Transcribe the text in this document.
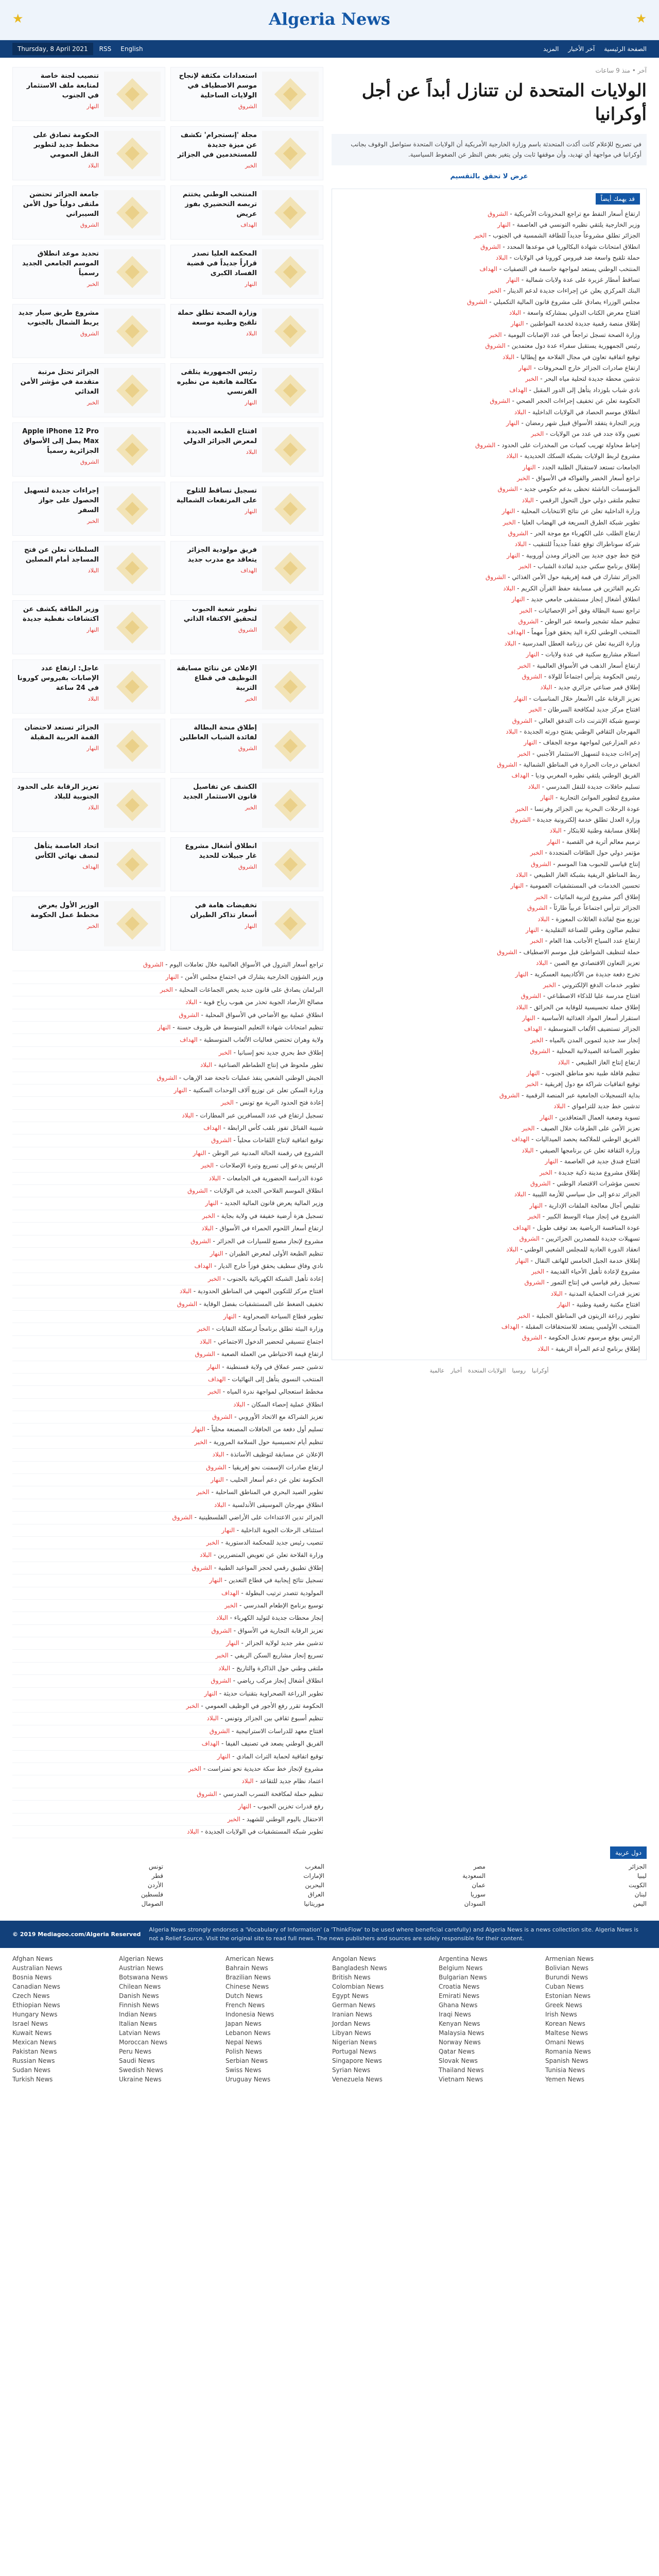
★	Algeria News	★
Thursday, 8 April 2021	RSS	English	الصفحة الرئيسية
آخر الأخبار
المزيد
آخر • منذ 9 ساعات
الولايات المتحدة لن تتنازل أبداً عن أجل أوكرانيا
في تصريح للإعلام كانت أكدت المتحدثة باسم وزارة الخارجية الأمريكية أن الولايات المتحدة ستواصل الوقوف بجانب أوكرانيا في مواجهة أي تهديد، وأن موقفها ثابت ولن يتغير بغض النظر عن الضغوط السياسية.
عرض لا تحقق بالتقسيم
قد يهمك أيضاً
ارتفاع أسعار النفط مع تراجع المخزونات الأمريكية - الشروق
وزير الخارجية يلتقي نظيره التونسي في العاصمة - النهار
الجزائر تطلق مشروعاً جديداً للطاقة الشمسية في الجنوب - الخبر
انطلاق امتحانات شهادة البكالوريا في موعدها المحدد - الشروق
حملة تلقيح واسعة ضد فيروس كورونا في الولايات - البلاد
المنتخب الوطني يستعد لمواجهة حاسمة في التصفيات - الهداف
تساقط أمطار غزيرة على عدة ولايات شمالية - النهار
البنك المركزي يعلن عن إجراءات جديدة لدعم الدينار - الخبر
مجلس الوزراء يصادق على مشروع قانون المالية التكميلي - الشروق
افتتاح معرض الكتاب الدولي بمشاركة واسعة - البلاد
إطلاق منصة رقمية جديدة لخدمة المواطنين - النهار
وزارة الصحة تسجل تراجعاً في عدد الإصابات اليومية - الخبر
رئيس الجمهورية يستقبل سفراء عدة دول معتمدين - الشروق
توقيع اتفاقية تعاون في مجال الفلاحة مع إيطاليا - البلاد
ارتفاع صادرات الجزائر خارج المحروقات - النهار
تدشين محطة جديدة لتحلية مياه البحر - الخبر
نادي شباب بلوزداد يتأهل إلى الدور المقبل - الهداف
الحكومة تعلن عن تخفيف إجراءات الحجر الصحي - الشروق
انطلاق موسم الحصاد في الولايات الداخلية - البلاد
وزير التجارة يتفقد الأسواق قبيل شهر رمضان - النهار
تعيين ولاة جدد في عدد من الولايات - الخبر
إحباط محاولة تهريب كميات من المخدرات على الحدود - الشروق
مشروع لربط الولايات بشبكة السكك الحديدية - البلاد
الجامعات تستعد لاستقبال الطلبة الجدد - النهار
تراجع أسعار الخضر والفواكه في الأسواق - الخبر
المؤسسات الناشئة تحظى بدعم حكومي جديد - الشروق
تنظيم ملتقى دولي حول التحول الرقمي - البلاد
وزارة الداخلية تعلن عن نتائج الانتخابات المحلية - النهار
تطوير شبكة الطرق السريعة في الهضاب العليا - الخبر
ارتفاع الطلب على الكهرباء مع موجة الحر - الشروق
شركة سوناطراك توقع عقداً جديداً للتنقيب - البلاد
فتح خط جوي جديد بين الجزائر ومدن أوروبية - النهار
إطلاق برنامج سكني جديد لفائدة الشباب - الخبر
الجزائر تشارك في قمة إفريقية حول الأمن الغذائي - الشروق
تكريم الفائزين في مسابقة حفظ القرآن الكريم - البلاد
انطلاق أشغال إنجاز مستشفى جامعي جديد - النهار
تراجع نسبة البطالة وفق آخر الإحصائيات - الخبر
تنظيم حملة تشجير واسعة عبر الوطن - الشروق
المنتخب الوطني لكرة اليد يحقق فوزاً مهماً - الهداف
وزارة التربية تعلن عن رزنامة العطل المدرسية - البلاد
استلام مشاريع سكنية في عدة ولايات - النهار
ارتفاع أسعار الذهب في الأسواق العالمية - الخبر
رئيس الحكومة يترأس اجتماعاً للولاة - الشروق
إطلاق قمر صناعي جزائري جديد - البلاد
تعزيز الرقابة على الأسعار خلال المناسبات - النهار
افتتاح مركز جديد لمكافحة السرطان - الخبر
توسيع شبكة الإنترنت ذات التدفق العالي - الشروق
المهرجان الثقافي الوطني يفتتح دورته الجديدة - البلاد
دعم المزارعين لمواجهة موجة الجفاف - النهار
إجراءات جديدة لتسهيل الاستثمار الأجنبي - الخبر
انخفاض درجات الحرارة في المناطق الشمالية - الشروق
الفريق الوطني يلتقي نظيره المغربي وديا - الهداف
تسليم حافلات جديدة للنقل المدرسي - البلاد
مشروع لتطوير الموانئ التجارية - النهار
عودة الرحلات البحرية بين الجزائر وفرنسا - الخبر
وزارة العدل تطلق خدمة إلكترونية جديدة - الشروق
إطلاق مسابقة وطنية للابتكار - البلاد
ترميم معالم أثرية في القصبة - النهار
مؤتمر دولي حول الطاقات المتجددة - الخبر
إنتاج قياسي للحبوب هذا الموسم - الشروق
ربط المناطق الريفية بشبكة الغاز الطبيعي - البلاد
تحسين الخدمات في المستشفيات العمومية - النهار
إطلاق أكبر مشروع لتربية المائيات - الخبر
الجزائر تترأس اجتماعاً عربياً طارئاً - الشروق
توزيع منح لفائدة العائلات المعوزة - البلاد
تنظيم صالون وطني للصناعة التقليدية - النهار
ارتفاع عدد السياح الأجانب هذا العام - الخبر
حملة لتنظيف الشواطئ قبل موسم الاصطياف - الشروق
تعزيز التعاون الاقتصادي مع الصين - البلاد
تخرج دفعة جديدة من الأكاديمية العسكرية - النهار
تطوير خدمات الدفع الإلكتروني - الخبر
افتتاح مدرسة عليا للذكاء الاصطناعي - الشروق
إطلاق حملة تحسيسية للوقاية من الحرائق - البلاد
استقرار أسعار المواد الغذائية الأساسية - النهار
الجزائر تستضيف الألعاب المتوسطية - الهداف
إنجاز سد جديد لتموين المدن بالمياه - الخبر
تطوير الصناعة الصيدلانية المحلية - الشروق
ارتفاع إنتاج الغاز الطبيعي - البلاد
تنظيم قافلة طبية نحو مناطق الجنوب - النهار
توقيع اتفاقيات شراكة مع دول إفريقية - الخبر
بداية التسجيلات الجامعية عبر المنصة الرقمية - الشروق
تدشين خط جديد للترامواي - البلاد
تسوية وضعية العمال المتعاقدين - النهار
تعزيز الأمن على الطرقات خلال الصيف - الخبر
الفريق الوطني للملاكمة يحصد الميداليات - الهداف
وزارة الثقافة تعلن عن برنامجها الصيفي - البلاد
افتتاح فندق جديد في العاصمة - النهار
إطلاق مشروع مدينة ذكية جديدة - الخبر
تحسن مؤشرات الاقتصاد الوطني - الشروق
الجزائر تدعو إلى حل سياسي للأزمة الليبية - البلاد
تقليص آجال معالجة الملفات الإدارية - النهار
الشروع في إنجاز ميناء الوسط الكبير - الخبر
عودة المنافسة الرياضية بعد توقف طويل - الهداف
تسهيلات جديدة للمصدرين الجزائريين - الشروق
انعقاد الدورة العادية للمجلس الشعبي الوطني - البلاد
إطلاق خدمة الجيل الخامس للهاتف النقال - النهار
مشروع لإعادة تأهيل الأحياء القديمة - الخبر
تسجيل رقم قياسي في إنتاج التمور - الشروق
تعزيز قدرات الحماية المدنية - البلاد
افتتاح مكتبة رقمية وطنية - النهار
تطوير زراعة الزيتون في المناطق الجبلية - الخبر
المنتخب الأولمبي يستعد للاستحقاقات المقبلة - الهداف
الرئيس يوقع مرسوم تعديل الحكومة - الشروق
إطلاق برنامج لدعم المرأة الريفية - البلاد
أوكرانيا
روسيا
الولايات المتحدة
أخبار
عالمية
استعدادات مكثفة لإنجاح موسم الاصطياف في الولايات الساحلية
الشروق
تنصيب لجنة خاصة لمتابعة ملف الاستثمار في الجنوب
النهار
مجلة 'إنستجرام' تكشف عن ميزة جديدة للمستخدمين في الجزائر
الخبر
الحكومة تصادق على مخطط جديد لتطوير النقل العمومي
البلاد
المنتخب الوطني يختتم تربصه التحضيري بفوز عريض
الهداف
جامعة الجزائر تحتضن ملتقى دولياً حول الأمن السيبراني
الشروق
المحكمة العليا تصدر قراراً جديداً في قضية الفساد الكبرى
النهار
تحديد موعد انطلاق الموسم الجامعي الجديد رسمياً
الخبر
وزارة الصحة تطلق حملة تلقيح وطنية موسعة
البلاد
مشروع طريق سيار جديد يربط الشمال بالجنوب
الشروق
رئيس الجمهورية يتلقى مكالمة هاتفية من نظيره الفرنسي
النهار
الجزائر تحتل مرتبة متقدمة في مؤشر الأمن الغذائي
الخبر
افتتاح الطبعة الجديدة لمعرض الجزائر الدولي
البلاد
Apple iPhone 12 Pro Max يصل إلى الأسواق الجزائرية رسمياً
الشروق
تسجيل تساقط للثلوج على المرتفعات الشمالية
النهار
إجراءات جديدة لتسهيل الحصول على جواز السفر
الخبر
فريق مولودية الجزائر يتعاقد مع مدرب جديد
الهداف
السلطات تعلن عن فتح المساجد أمام المصلين
البلاد
تطوير شعبة الحبوب لتحقيق الاكتفاء الذاتي
الشروق
وزير الطاقة يكشف عن اكتشافات نفطية جديدة
النهار
الإعلان عن نتائج مسابقة التوظيف في قطاع التربية
الخبر
عاجل: ارتفاع عدد الإصابات بفيروس كورونا في 24 ساعة
البلاد
إطلاق منحة البطالة لفائدة الشباب العاطلين
الشروق
الجزائر تستعد لاحتضان القمة العربية المقبلة
النهار
الكشف عن تفاصيل قانون الاستثمار الجديد
الخبر
تعزيز الرقابة على الحدود الجنوبية للبلاد
البلاد
انطلاق أشغال مشروع غار جبيلات للحديد
الشروق
اتحاد العاصمة يتأهل لنصف نهائي الكأس
الهداف
تخفيضات هامة في أسعار تذاكر الطيران
النهار
الوزير الأول يعرض مخطط عمل الحكومة
الخبر
تراجع أسعار البترول في الأسواق العالمية خلال تعاملات اليوم - الشروق
وزير الشؤون الخارجية يشارك في اجتماع مجلس الأمن - النهار
البرلمان يصادق على قانون جديد يخص الجماعات المحلية - الخبر
مصالح الأرصاد الجوية تحذر من هبوب رياح قوية - البلاد
انطلاق عملية بيع الأضاحي في الأسواق المحلية - الشروق
تنظيم امتحانات شهادة التعليم المتوسط في ظروف حسنة - النهار
ولاية وهران تحتضن فعاليات الألعاب المتوسطية - الهداف
إطلاق خط بحري جديد نحو إسبانيا - الخبر
تطور ملحوظ في إنتاج الطماطم الصناعية - البلاد
الجيش الوطني الشعبي ينفذ عمليات ناجحة ضد الإرهاب - الشروق
وزارة السكن تعلن عن توزيع آلاف الوحدات السكنية - النهار
إعادة فتح الحدود البرية مع تونس - الخبر
تسجيل ارتفاع في عدد المسافرين عبر المطارات - البلاد
شبيبة القبائل تفوز بلقب كأس الرابطة - الهداف
توقيع اتفاقية لإنتاج اللقاحات محلياً - الشروق
الشروع في رقمنة الحالة المدنية عبر الوطن - النهار
الرئيس يدعو إلى تسريع وتيرة الإصلاحات - الخبر
عودة الدراسة الحضورية في الجامعات - البلاد
انطلاق الموسم الفلاحي الجديد في الولايات - الشروق
وزير المالية يعرض قانون المالية الجديد - النهار
تسجيل هزة أرضية خفيفة في ولاية بجاية - الخبر
ارتفاع أسعار اللحوم الحمراء في الأسواق - البلاد
مشروع لإنجاز مصنع للسيارات في الجزائر - الشروق
تنظيم الطبعة الأولى لمعرض الطيران - النهار
نادي وفاق سطيف يحقق فوزاً خارج الديار - الهداف
إعادة تأهيل الشبكة الكهربائية بالجنوب - الخبر
افتتاح مركز للتكوين المهني في المناطق الحدودية - البلاد
تخفيف الضغط على المستشفيات بفضل الوقاية - الشروق
تطوير قطاع السياحة الصحراوية - النهار
وزارة البيئة تطلق برنامجاً لرسكلة النفايات - الخبر
اجتماع تنسيقي لتحضير الدخول الاجتماعي - البلاد
ارتفاع قيمة الاحتياطي من العملة الصعبة - الشروق
تدشين جسر عملاق في ولاية قسنطينة - النهار
المنتخب النسوي يتأهل إلى النهائيات - الهداف
مخطط استعجالي لمواجهة ندرة المياه - الخبر
انطلاق عملية إحصاء السكان - البلاد
تعزيز الشراكة مع الاتحاد الأوروبي - الشروق
تسليم أول دفعة من الحافلات المصنعة محلياً - النهار
تنظيم أيام تحسيسية حول السلامة المرورية - الخبر
الإعلان عن مسابقة لتوظيف الأساتذة - البلاد
ارتفاع صادرات الإسمنت نحو إفريقيا - الشروق
الحكومة تعلن عن دعم أسعار الحليب - النهار
تطوير الصيد البحري في المناطق الساحلية - الخبر
انطلاق مهرجان الموسيقى الأندلسية - البلاد
الجزائر تدين الاعتداءات على الأراضي الفلسطينية - الشروق
استئناف الرحلات الجوية الداخلية - النهار
تنصيب رئيس جديد للمحكمة الدستورية - الخبر
وزارة الفلاحة تعلن عن تعويض المتضررين - البلاد
إطلاق تطبيق رقمي لحجز المواعيد الطبية - الشروق
تسجيل نتائج إيجابية في قطاع التعدين - النهار
المولودية تتصدر ترتيب البطولة - الهداف
توسيع برنامج الإطعام المدرسي - الخبر
إنجاز محطات جديدة لتوليد الكهرباء - البلاد
تعزيز الرقابة التجارية في الأسواق - الشروق
تدشين مقر جديد لولاية الجزائر - النهار
تسريع إنجاز مشاريع السكن الريفي - الخبر
ملتقى وطني حول الذاكرة والتاريخ - البلاد
انطلاق أشغال إنجاز مركب رياضي - الشروق
تطوير الزراعة الصحراوية بتقنيات حديثة - النهار
الحكومة تقرر رفع الأجور في الوظيف العمومي - الخبر
تنظيم أسبوع ثقافي بين الجزائر وتونس - البلاد
افتتاح معهد للدراسات الاستراتيجية - الشروق
الفريق الوطني يصعد في تصنيف الفيفا - الهداف
توقيع اتفاقية لحماية التراث المادي - النهار
مشروع لإنجاز خط سكة حديدية نحو تمنراست - الخبر
اعتماد نظام جديد للتقاعد - البلاد
تنظيم حملة لمكافحة التسرب المدرسي - الشروق
رفع قدرات تخزين الحبوب - النهار
الاحتفال باليوم الوطني للشهيد - الخبر
تطوير شبكة المستشفيات في الولايات الجديدة - البلاد
دول عربية
الجزائر
مصر
المغرب
تونس
ليبيا
السعودية
الإمارات
قطر
الكويت
عمان
البحرين
الأردن
لبنان
سوريا
العراق
فلسطين
اليمن
السودان
موريتانيا
الصومال
© 2019 Mediagoo.com/Algeria Reserved
Algeria News strongly endorses a 'Vocabulary of Information' (a 'ThinkFlow' to be used where beneficial carefully) and Algeria News is a news collection site. Algeria News is not a Relief Source. Visit the original site to read full news. The news publishers and sources are solely responsible for their content.
Afghan News	Algerian News	American News	Angolan News	Argentina News	Armenian News
Australian News	Austrian News	Bahrain News	Bangladesh News	Belgium News	Bolivian News
Bosnia News	Botswana News	Brazilian News	British News	Bulgarian News	Burundi News
Canadian News	Chilean News	Chinese News	Colombian News	Croatia News	Cuban News
Czech News	Danish News	Dutch News	Egypt News	Emirati News	Estonian News
Ethiopian News	Finnish News	French News	German News	Ghana News	Greek News
Hungary News	Indian News	Indonesia News	Iranian News	Iraqi News	Irish News
Israel News	Italian News	Japan News	Jordan News	Kenyan News	Korean News
Kuwait News	Latvian News	Lebanon News	Libyan News	Malaysia News	Maltese News
Mexican News	Moroccan News	Nepal News	Nigerian News	Norway News	Omani News
Pakistan News	Peru News	Polish News	Portugal News	Qatar News	Romania News
Russian News	Saudi News	Serbian News	Singapore News	Slovak News	Spanish News
Sudan News	Swedish News	Swiss News	Syrian News	Thailand News	Tunisia News
Turkish News	Ukraine News	Uruguay News	Venezuela News	Vietnam News	Yemen News
